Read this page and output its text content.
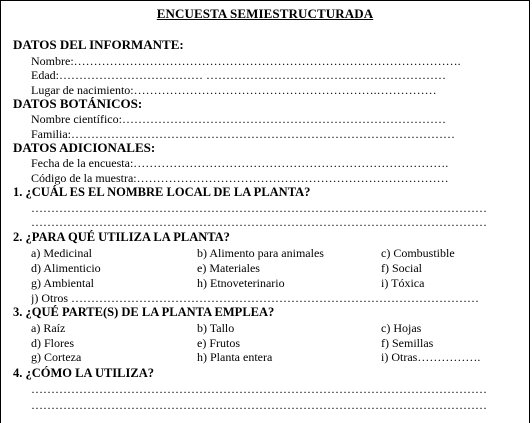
ENCUESTA SEMIESTRUCTURADA
DATOS DEL INFORMANTE:
Nombre:…………………………………………………………………………………….
Edad:……………………………… ……………………………………………………
Lugar de nacimiento:…………………………………………………….……………
DATOS BOTÁNICOS:
Nombre científico:………………………………………………………………………
Familia:……………………………………………………………………………………
DATOS ADICIONALES:
Fecha de la encuesta:…………………………………………………………………….
Código de la muestra:……………………………………………………………………
1. ¿CUÁL ES EL NOMBRE LOCAL DE LA PLANTA?
……………………………………………………………………………………………………
……………………………………………………………………………………………………
2. ¿PARA QUÉ UTILIZA LA PLANTA?
a) Medicinal	b) Alimento para animales	c) Combustible
d) Alimenticio	e) Materiales	f) Social
g) Ambiental	h) Etnoveterinario	i) Tóxica
j) Otros …………………………………………………………………………………………
3. ¿QUÉ PARTE(S) DE LA PLANTA EMPLEA?
a) Raíz	b) Tallo	c) Hojas
d) Flores	e) Frutos	f) Semillas
g) Corteza	h) Planta entera	i) Otras…………….
4. ¿CÓMO LA UTILIZA?
……………………………………………………………………………………………………
……………………………………………………………………………………………………
